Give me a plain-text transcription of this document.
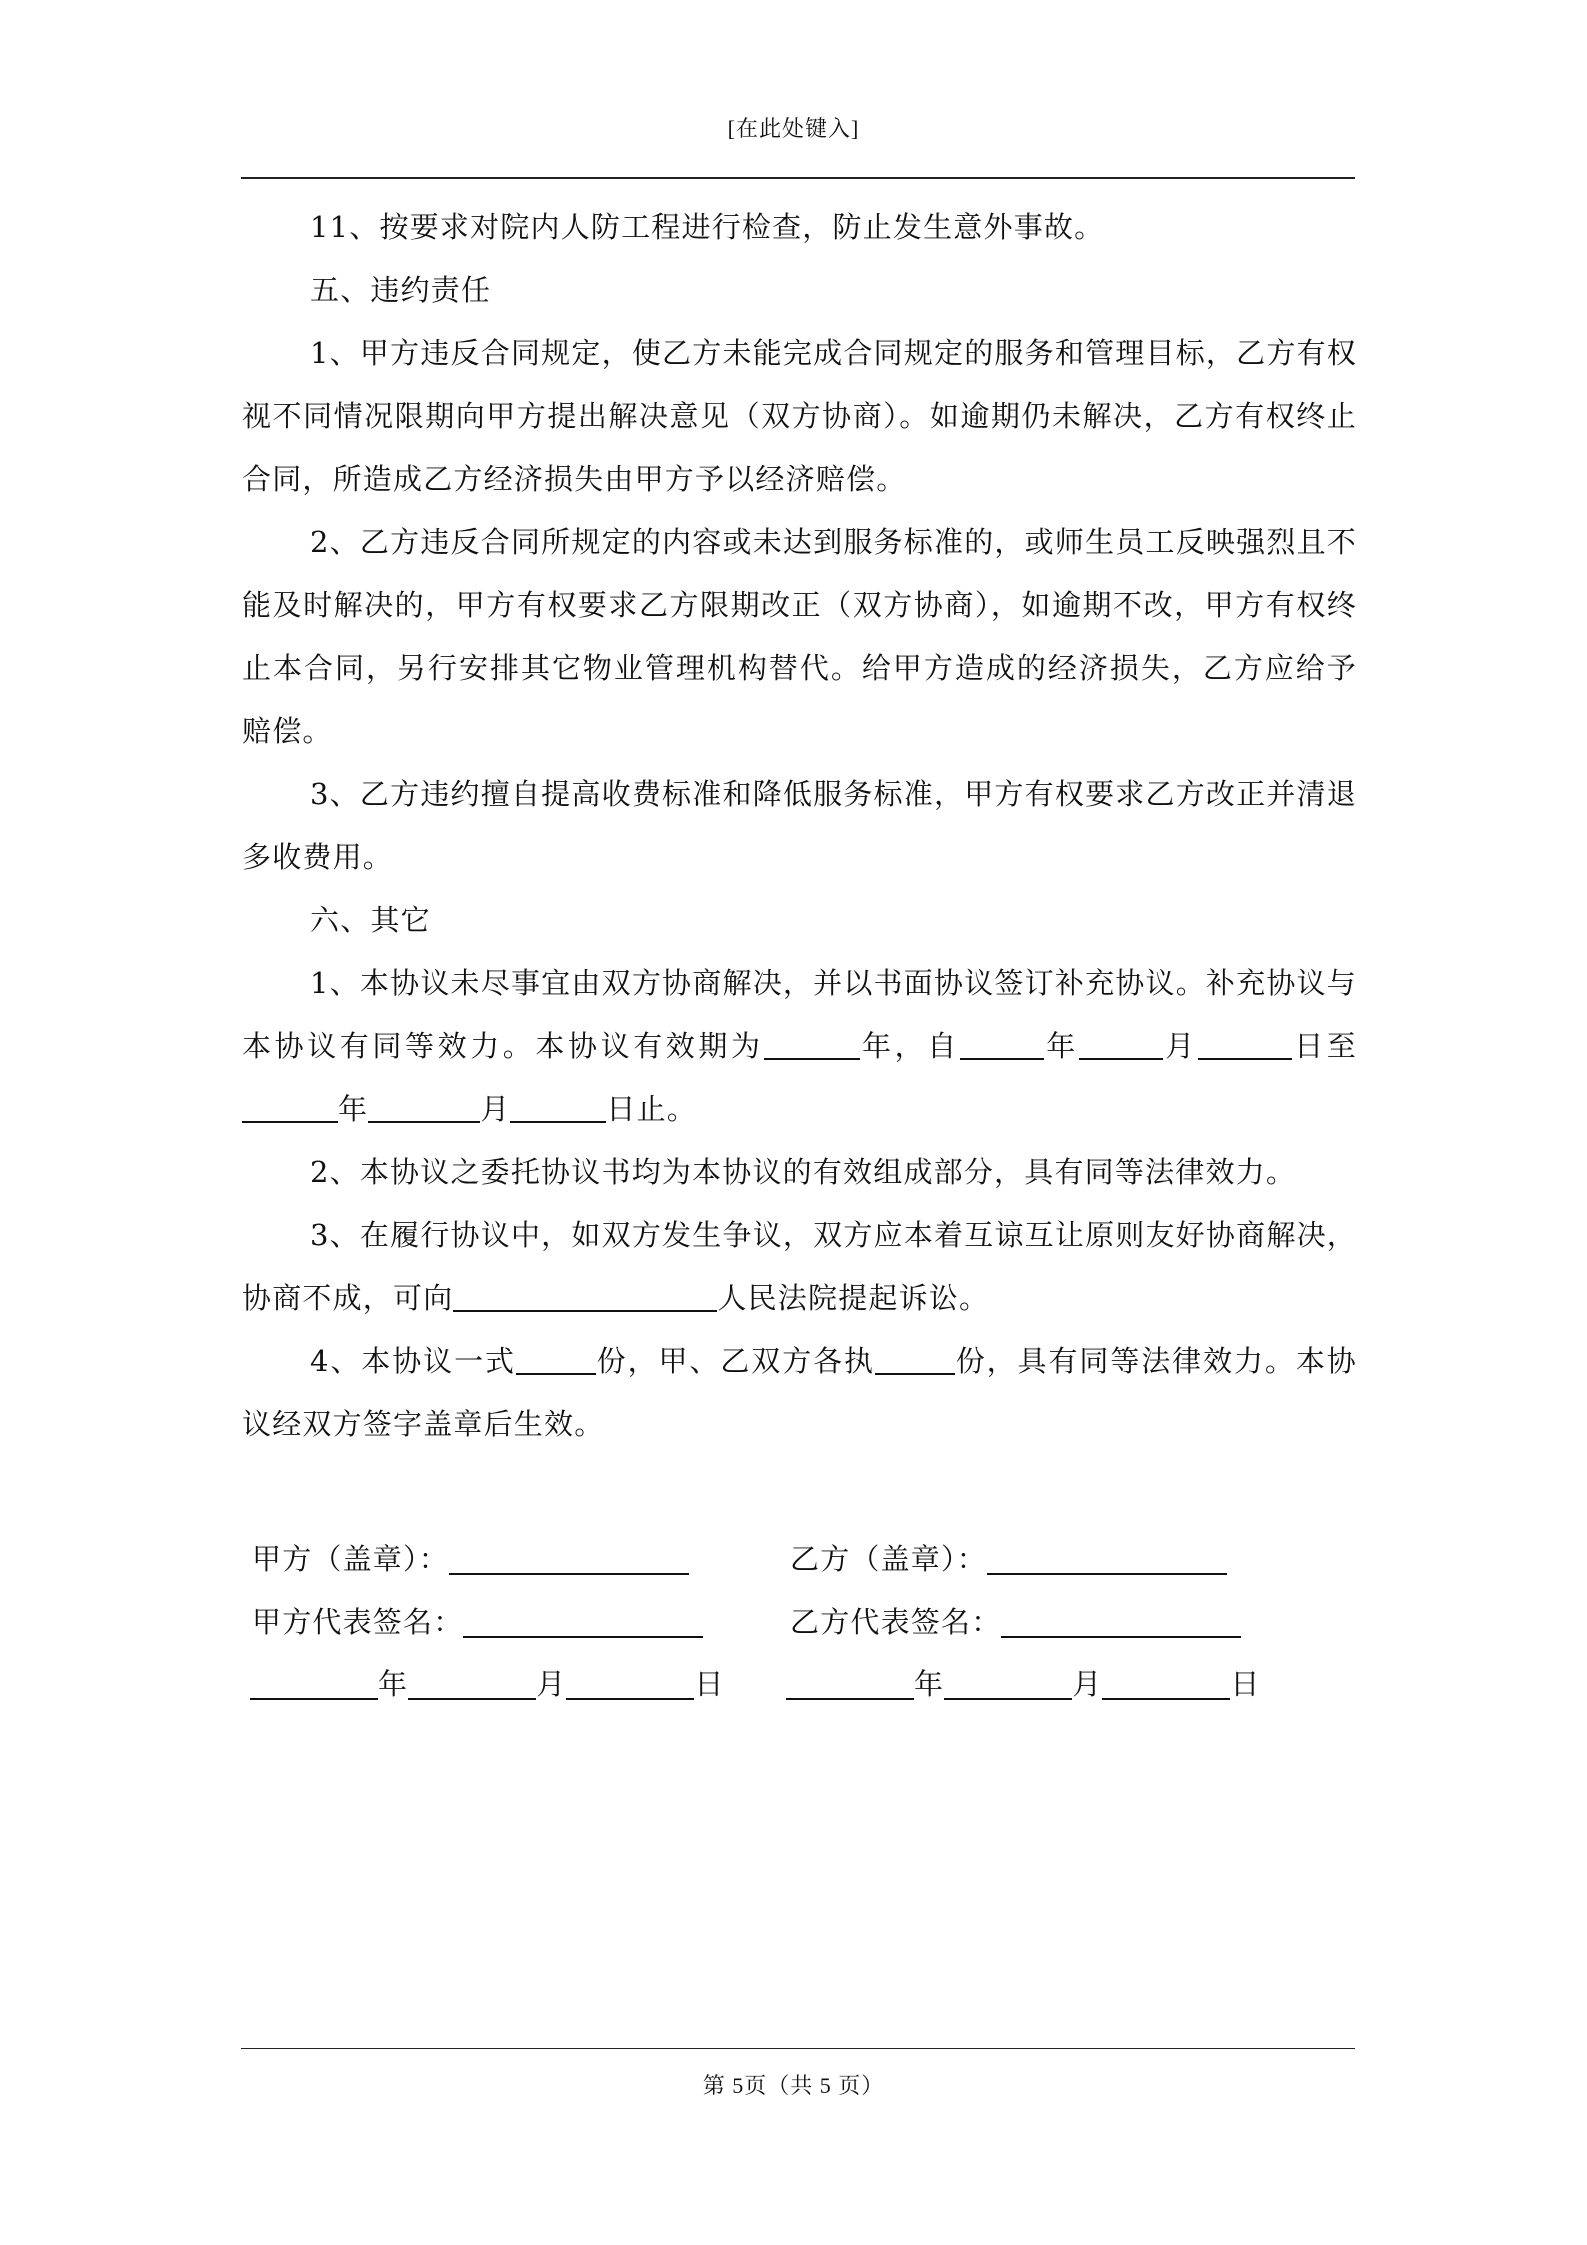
[在此处键入]

11、按要求对院内人防工程进行检查，防止发生意外事故。

五、违约责任

1、甲方违反合同规定，使乙方未能完成合同规定的服务和管理目标，乙方有权视不同情况限期向甲方提出解决意见（双方协商）。如逾期仍未解决，乙方有权终止合同，所造成乙方经济损失由甲方予以经济赔偿。

2、乙方违反合同所规定的内容或未达到服务标准的，或师生员工反映强烈且不能及时解决的，甲方有权要求乙方限期改正（双方协商），如逾期不改，甲方有权终止本合同，另行安排其它物业管理机构替代。给甲方造成的经济损失，乙方应给予赔偿。

3、乙方违约擅自提高收费标准和降低服务标准，甲方有权要求乙方改正并清退多收费用。

六、其它

1、本协议未尽事宜由双方协商解决，并以书面协议签订补充协议。补充协议与本协议有同等效力。本协议有效期为	年，自	年	月	日至年	月	日止。

2、本协议之委托协议书均为本协议的有效组成部分，具有同等法律效力。

3、在履行协议中，如双方发生争议，双方应本着互谅互让原则友好协商解决，协商不成，可向	人民法院提起诉讼。

4、本协议一式	份，甲、乙双方各执	份，具有同等法律效力。本协议经双方签字盖章后生效。

甲方（盖章）：	乙方（盖章）：
甲方代表签名：	乙方代表签名：
年	月	日	年	月	日
第 5页（共 5 页）
